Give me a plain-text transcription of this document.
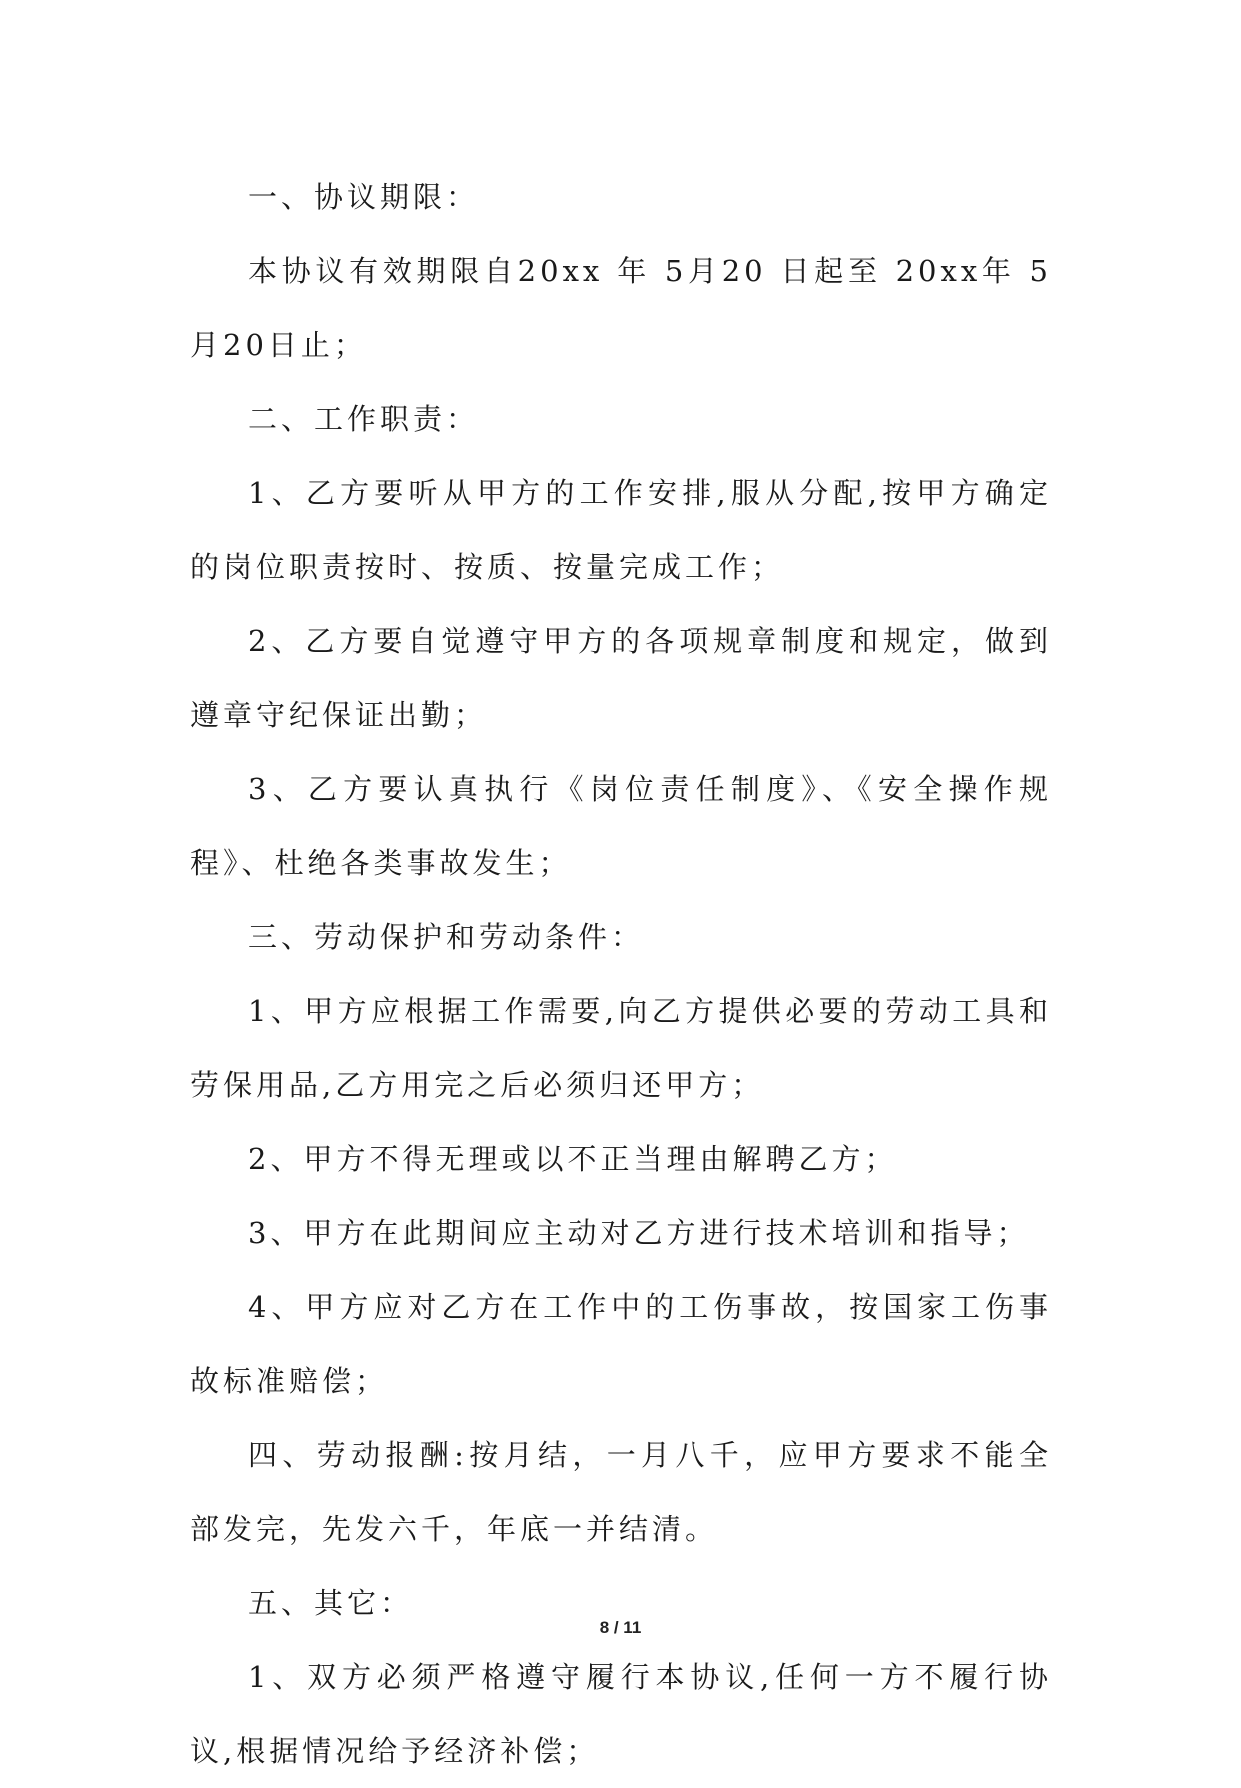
一、协议期限：

本协议有效期限自20xx 年 5月20 日起至 20xx年 5月20日止；

二、工作职责：

1、乙方要听从甲方的工作安排,服从分配,按甲方确定的岗位职责按时、按质、按量完成工作；

2、乙方要自觉遵守甲方的各项规章制度和规定，做到遵章守纪保证出勤；

3、乙方要认真执行《岗位责任制度》、《安全操作规程》、杜绝各类事故发生；

三、劳动保护和劳动条件：

1、甲方应根据工作需要,向乙方提供必要的劳动工具和劳保用品,乙方用完之后必须归还甲方；

2、甲方不得无理或以不正当理由解聘乙方；

3、甲方在此期间应主动对乙方进行技术培训和指导；

4、甲方应对乙方在工作中的工伤事故，按国家工伤事故标准赔偿；

四、劳动报酬:按月结，一月八千，应甲方要求不能全部发完，先发六千，年底一并结清。

五、其它：

1、双方必须严格遵守履行本协议,任何一方不履行协议,根据情况给予经济补偿；

8 / 11
